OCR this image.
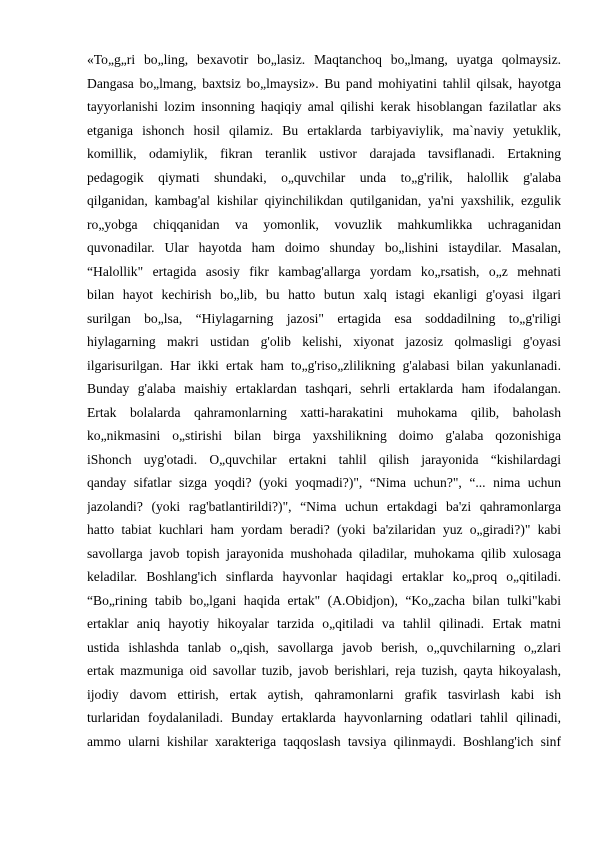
«To„g„ri bo„ling, bexavotir bo„lasiz. Maqtanchoq bo„lmang, uyatga qolmaysiz.
Dangasa bo„lmang, baxtsiz bo„lmaysiz». Bu pand mohiyatini tahlil qilsak, hayotga
tayyorlanishi lozim insonning haqiqiy amal qilishi kerak hisoblangan fazilatlar aks
etganiga ishonch hosil qilamiz. Bu ertaklarda tarbiyaviylik, ma`naviy yetuklik,
komillik, odamiylik, fikran teranlik ustivor darajada tavsiflanadi. Ertakning
pedagogik qiymati shundaki, o„quvchilar unda to„g'rilik, halollik g'alaba
qilganidan, kambag'al kishilar qiyinchilikdan qutilganidan, ya'ni yaxshilik, ezgulik
ro„yobga chiqqanidan va yomonlik, vovuzlik mahkumlikka uchraganidan
quvonadilar. Ular hayotda ham doimo shunday bo„lishini istaydilar. Masalan,
“Halollik" ertagida asosiy fikr kambag'allarga yordam ko„rsatish, o„z mehnati
bilan hayot kechirish bo„lib, bu hatto butun xalq istagi ekanligi g'oyasi ilgari
surilgan bo„lsa, “Hiylagarning jazosi" ertagida esa soddadilning to„g'riligi
hiylagarning makri ustidan g'olib kelishi, xiyonat jazosiz qolmasligi g'oyasi
ilgarisurilgan. Har ikki ertak ham to„g'riso„zlilikning g'alabasi bilan yakunlanadi.
Bunday g'alaba maishiy ertaklardan tashqari, sehrli ertaklarda ham ifodalangan.
Ertak bolalarda qahramonlarning xatti-harakatini muhokama qilib, baholash
ko„nikmasini o„stirishi bilan birga yaxshilikning doimo g'alaba qozonishiga
iShonch uyg'otadi. O„quvchilar ertakni tahlil qilish jarayonida “kishilardagi
qanday sifatlar sizga yoqdi? (yoki yoqmadi?)", “Nima uchun?", “... nima uchun
jazolandi? (yoki rag'batlantirildi?)", “Nima uchun ertakdagi ba'zi qahramonlarga
hatto tabiat kuchlari ham yordam beradi? (yoki ba'zilaridan yuz o„giradi?)" kabi
savollarga javob topish jarayonida mushohada qiladilar, muhokama qilib xulosaga
keladilar. Boshlang'ich sinflarda hayvonlar haqidagi ertaklar ko„proq o„qitiladi.
“Bo„rining tabib bo„lgani haqida ertak" (A.Obidjon), “Ko„zacha bilan tulki"kabi
ertaklar aniq hayotiy hikoyalar tarzida o„qitiladi va tahlil qilinadi. Ertak matni
ustida ishlashda tanlab o„qish, savollarga javob berish, o„quvchilarning o„zlari
ertak mazmuniga oid savollar tuzib, javob berishlari, reja tuzish, qayta hikoyalash,
ijodiy davom ettirish, ertak aytish, qahramonlarni grafik tasvirlash kabi ish
turlaridan foydalaniladi. Bunday ertaklarda hayvonlarning odatlari tahlil qilinadi,
ammo ularni kishilar xarakteriga taqqoslash tavsiya qilinmaydi. Boshlang'ich sinf
